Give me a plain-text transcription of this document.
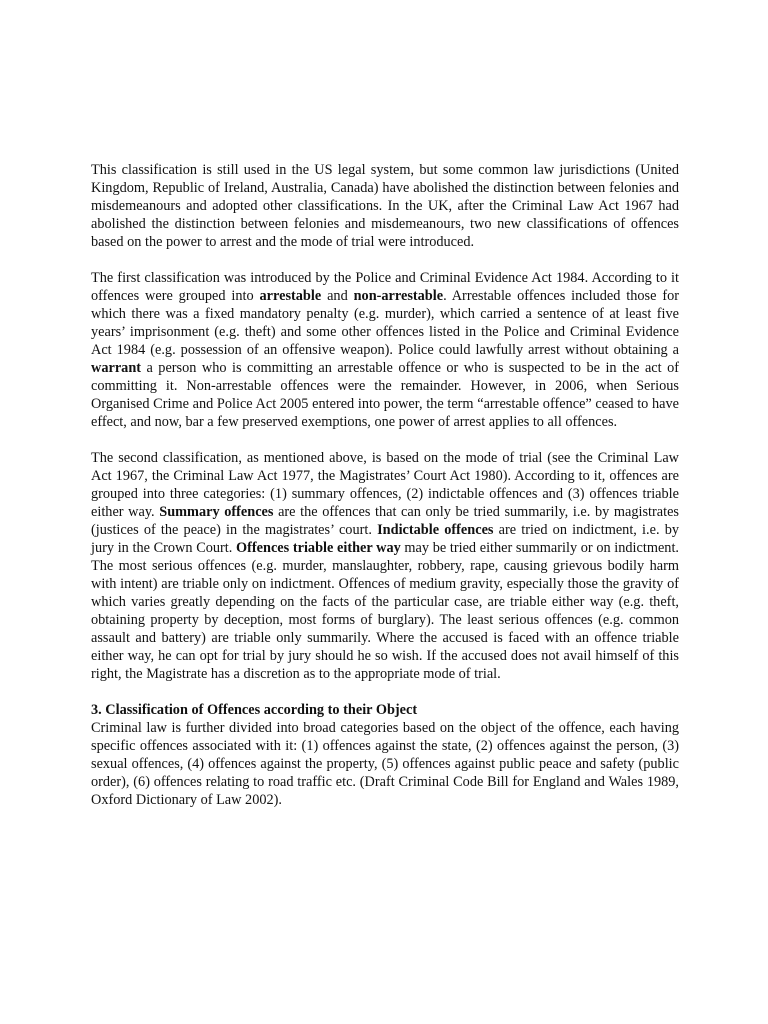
This classification is still used in the US legal system, but some common law jurisdictions (United Kingdom, Republic of Ireland, Australia, Canada) have abolished the distinction between felonies and misdemeanours and adopted other classifications. In the UK, after the Criminal Law Act 1967 had abolished the distinction between felonies and misdemeanours, two new classifications of offences based on the power to arrest and the mode of trial were introduced.

The first classification was introduced by the Police and Criminal Evidence Act 1984. According to it offences were grouped into arrestable and non-arrestable. Arrestable offences included those for which there was a fixed mandatory penalty (e.g. murder), which carried a sentence of at least five years’ imprisonment (e.g. theft) and some other offences listed in the Police and Criminal Evidence Act 1984 (e.g. possession of an offensive weapon). Police could lawfully arrest without obtaining a warrant a person who is committing an arrestable offence or who is suspected to be in the act of committing it. Non-arrestable offences were the remainder. However, in 2006, when Serious Organised Crime and Police Act 2005 entered into power, the term “arrestable offence” ceased to have effect, and now, bar a few preserved exemptions, one power of arrest applies to all offences.

The second classification, as mentioned above, is based on the mode of trial (see the Criminal Law Act 1967, the Criminal Law Act 1977, the Magistrates’ Court Act 1980). According to it, offences are grouped into three categories: (1) summary offences, (2) indictable offences and (3) offences triable either way. Summary offences are the offences that can only be tried summarily, i.e. by magistrates (justices of the peace) in the magistrates’ court. Indictable offences are tried on indictment, i.e. by jury in the Crown Court. Offences triable either way may be tried either summarily or on indictment. The most serious offences (e.g. murder, manslaughter, robbery, rape, causing grievous bodily harm with intent) are triable only on indictment. Offences of medium gravity, especially those the gravity of which varies greatly depending on the facts of the particular case, are triable either way (e.g. theft, obtaining property by deception, most forms of burglary). The least serious offences (e.g. common assault and battery) are triable only summarily. Where the accused is faced with an offence triable either way, he can opt for trial by jury should he so wish. If the accused does not avail himself of this right, the Magistrate has a discretion as to the appropriate mode of trial.

3. Classification of Offences according to their Object

Criminal law is further divided into broad categories based on the object of the offence, each having specific offences associated with it: (1) offences against the state, (2) offences against the person, (3) sexual offences, (4) offences against the property, (5) offences against public peace and safety (public order), (6) offences relating to road traffic etc. (Draft Criminal Code Bill for England and Wales 1989, Oxford Dictionary of Law 2002).
